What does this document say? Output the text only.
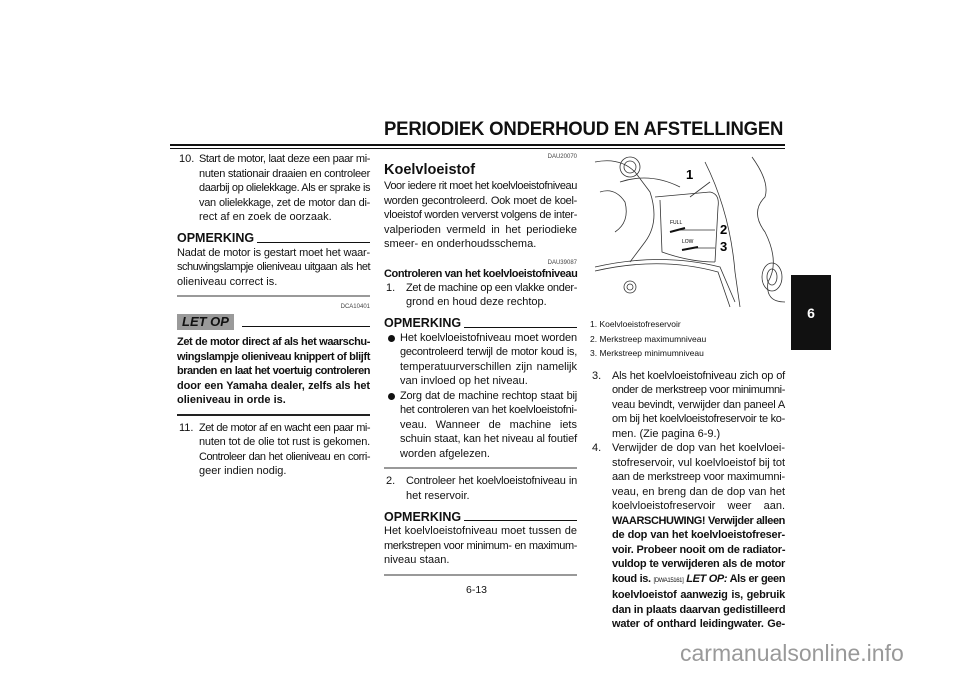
PERIODIEK ONDERHOUD EN AFSTELLINGEN
10. Start de motor, laat deze een paar mi-
nuten stationair draaien en controleer
daarbij op olielekkage. Als er sprake is
van olielekkage, zet de motor dan di-
rect af en zoek de oorzaak.
OPMERKING
Nadat de motor is gestart moet het waar-
schuwingslampje olieniveau uitgaan als het
olieniveau correct is.
DCA10401
LET OP
Zet de motor direct af als het waarschu-
wingslampje olieniveau knippert of blijft
branden en laat het voertuig controleren
door een Yamaha dealer, zelfs als het
olieniveau in orde is.
11. Zet de motor af en wacht een paar mi-
nuten tot de olie tot rust is gekomen.
Controleer dan het olieniveau en corri-
geer indien nodig.
DAU20070
Koelvloeistof
Voor iedere rit moet het koelvloeistofniveau
worden gecontroleerd. Ook moet de koel-
vloeistof worden ververst volgens de inter-
valperioden vermeld in het periodieke
smeer- en onderhoudsschema.
DAU39087
Controleren van het koelvloeistofniveau
1. Zet de machine op een vlakke onder-
grond en houd deze rechtop.
OPMERKING
Het koelvloeistofniveau moet worden
gecontroleerd terwijl de motor koud is,
temperatuurverschillen zijn namelijk
van invloed op het niveau.
Zorg dat de machine rechtop staat bij
het controleren van het koelvloeistofni-
veau. Wanneer de machine iets
schuin staat, kan het niveau al foutief
worden afgelezen.
2. Controleer het koelvloeistofniveau in
het reservoir.
OPMERKING
Het koelvloeistofniveau moet tussen de
merkstrepen voor minimum- en maximum-
niveau staan.
FULL
LOW
1
2
3
1. Koelvloeistofreservoir
2. Merkstreep maximumniveau
3. Merkstreep minimumniveau
3. Als het koelvloeistofniveau zich op of
onder de merkstreep voor minimumni-
veau bevindt, verwijder dan paneel A
om bij het koelvloeistofreservoir te ko-
men. (Zie pagina 6-9.)
4. Verwijder de dop van het koelvloei-
stofreservoir, vul koelvloeistof bij tot
aan de merkstreep voor maximumni-
veau, en breng dan de dop van het
koelvloeistofreservoir weer aan.
WAARSCHUWING! Verwijder alleen
de dop van het koelvloeistofreser-
voir. Probeer nooit om de radiator-
vuldop te verwijderen als de motor
koud is. [DWA15161] LET OP: Als er geen
koelvloeistof aanwezig is, gebruik
dan in plaats daarvan gedistilleerd
water of onthard leidingwater. Ge-
6
6-13
carmanualsonline.info
